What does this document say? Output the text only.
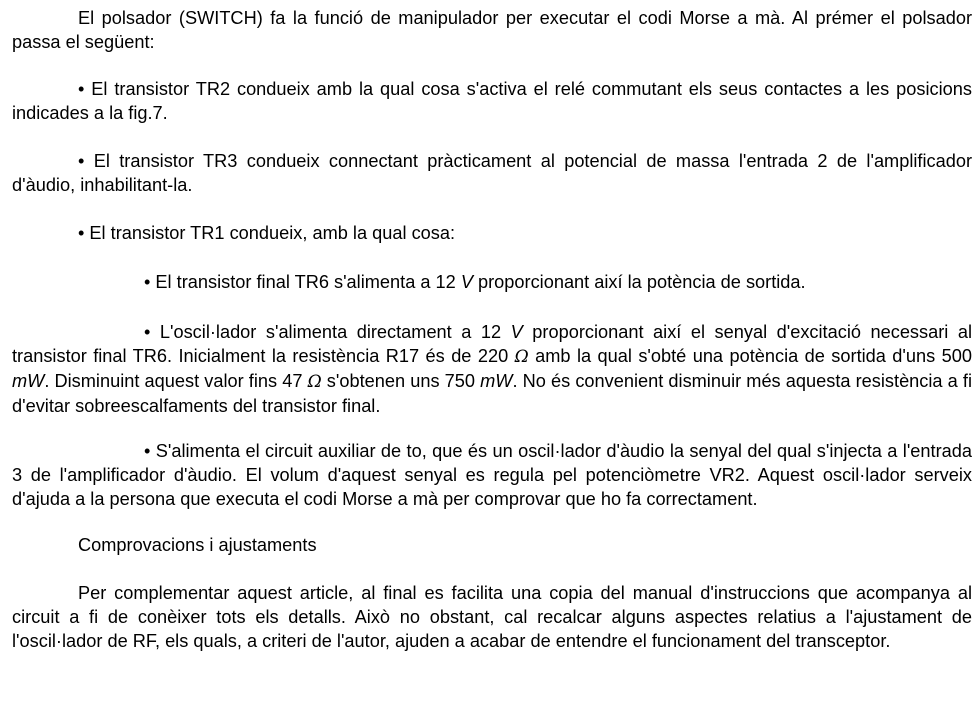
El polsador (SWITCH) fa la funció de manipulador per executar el codi Morse a mà. Al prémer el polsador passa el següent:

• El transistor TR2 condueix amb la qual cosa s'activa el relé commutant els seus contactes a les posicions indicades a la fig.7.

• El transistor TR3 condueix connectant pràcticament al potencial de massa l'entrada 2 de l'amplificador d'àudio, inhabilitant-la.

• El transistor TR1 condueix, amb la qual cosa:

• El transistor final TR6 s'alimenta a 12 V proporcionant així la potència de sortida.

• L'oscil·lador s'alimenta directament a 12 V proporcionant així el senyal d'excitació necessari al transistor final TR6. Inicialment la resistència R17 és de 220 Ω amb la qual s'obté una potència de sortida d'uns 500 mW. Disminuint aquest valor fins 47 Ω s'obtenen uns 750 mW. No és convenient disminuir més aquesta resistència a fi d'evitar sobreescalfaments del transistor final.

• S'alimenta el circuit auxiliar de to, que és un oscil·lador d'àudio la senyal del qual s'injecta a l'entrada 3 de l'amplificador d'àudio. El volum d'aquest senyal es regula pel potenciòmetre VR2. Aquest oscil·lador serveix d'ajuda a la persona que executa el codi Morse a mà per comprovar que ho fa correctament.

Comprovacions i ajustaments

Per complementar aquest article, al final es facilita una copia del manual d'instruccions que acompanya al circuit a fi de conèixer tots els detalls. Això no obstant, cal recalcar alguns aspectes relatius a l'ajustament de l'oscil·lador de RF, els quals, a criteri de l'autor, ajuden a acabar de entendre el funcionament del transceptor.
